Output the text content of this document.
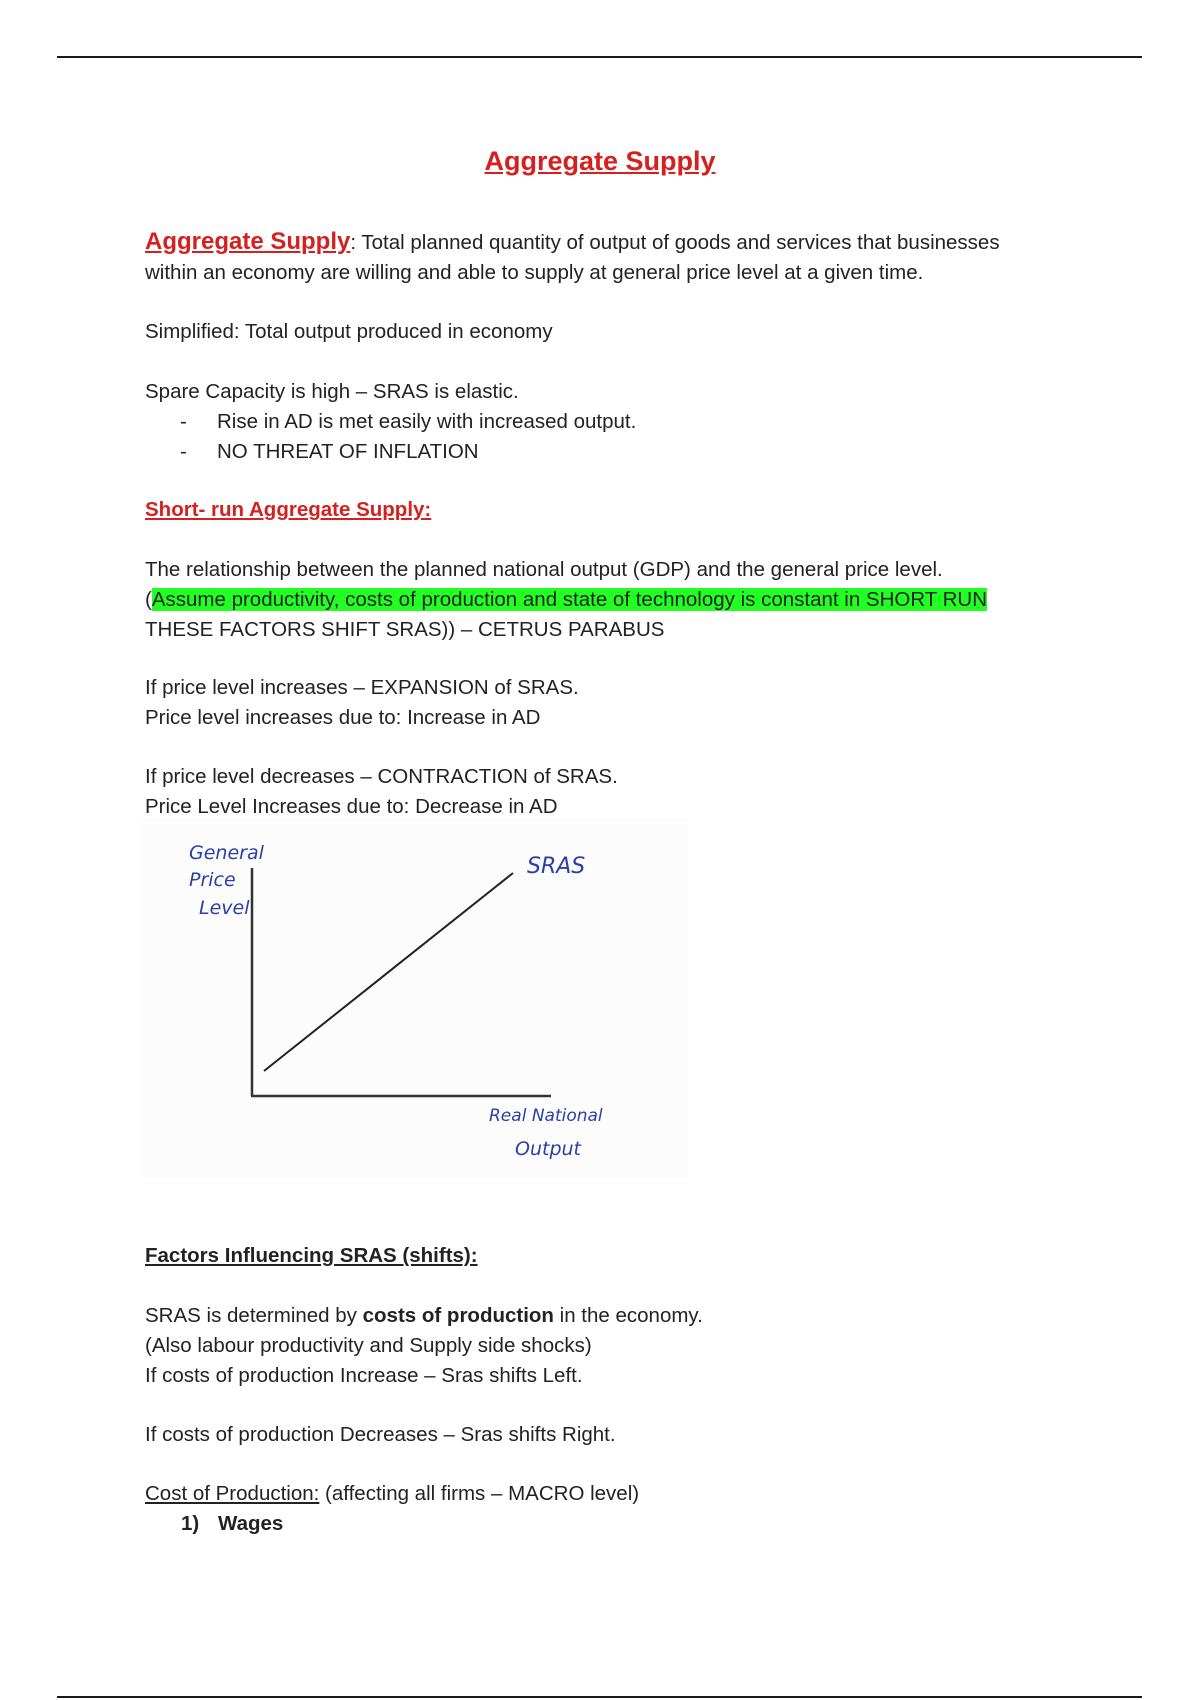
Aggregate Supply
Aggregate Supply: Total planned quantity of output of goods and services that businesses
within an economy are willing and able to supply at general price level at a given time.
Simplified: Total output produced in economy
Spare Capacity is high – SRAS is elastic.
- Rise in AD is met easily with increased output.
- NO THREAT OF INFLATION
Short- run Aggregate Supply:
The relationship between the planned national output (GDP) and the general price level.
(Assume productivity, costs of production and state of technology is constant in SHORT RUN
THESE FACTORS SHIFT SRAS)) – CETRUS PARABUS
If price level increases – EXPANSION of SRAS.
Price level increases due to: Increase in AD
If price level decreases – CONTRACTION of SRAS.
Price Level Increases due to: Decrease in AD
General
Price
Level
SRAS
Real National
Output
Factors Influencing SRAS (shifts):
SRAS is determined by costs of production in the economy.
(Also labour productivity and Supply side shocks)
If costs of production Increase – Sras shifts Left.
If costs of production Decreases – Sras shifts Right.
Cost of Production: (affecting all firms – MACRO level)
1) Wages
